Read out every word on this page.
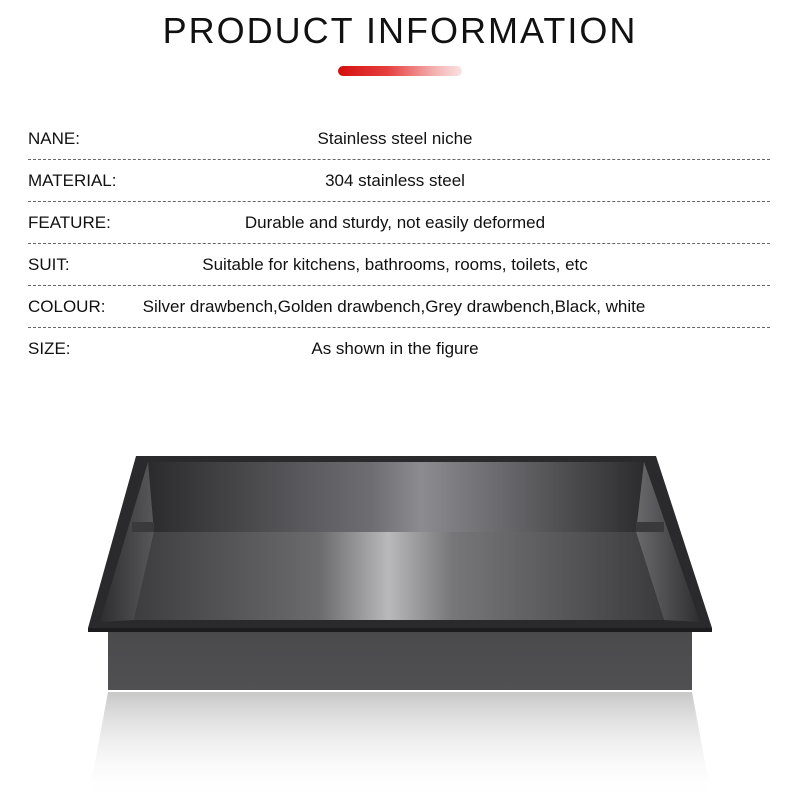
PRODUCT INFORMATION
NANE:	Stainless steel niche
MATERIAL:	304 stainless steel
FEATURE:	Durable and sturdy, not easily deformed
SUIT:	Suitable for kitchens, bathrooms, rooms, toilets, etc
COLOUR: Silver drawbench,Golden drawbench,Grey drawbench,Black, white
SIZE:	As shown in the figure
